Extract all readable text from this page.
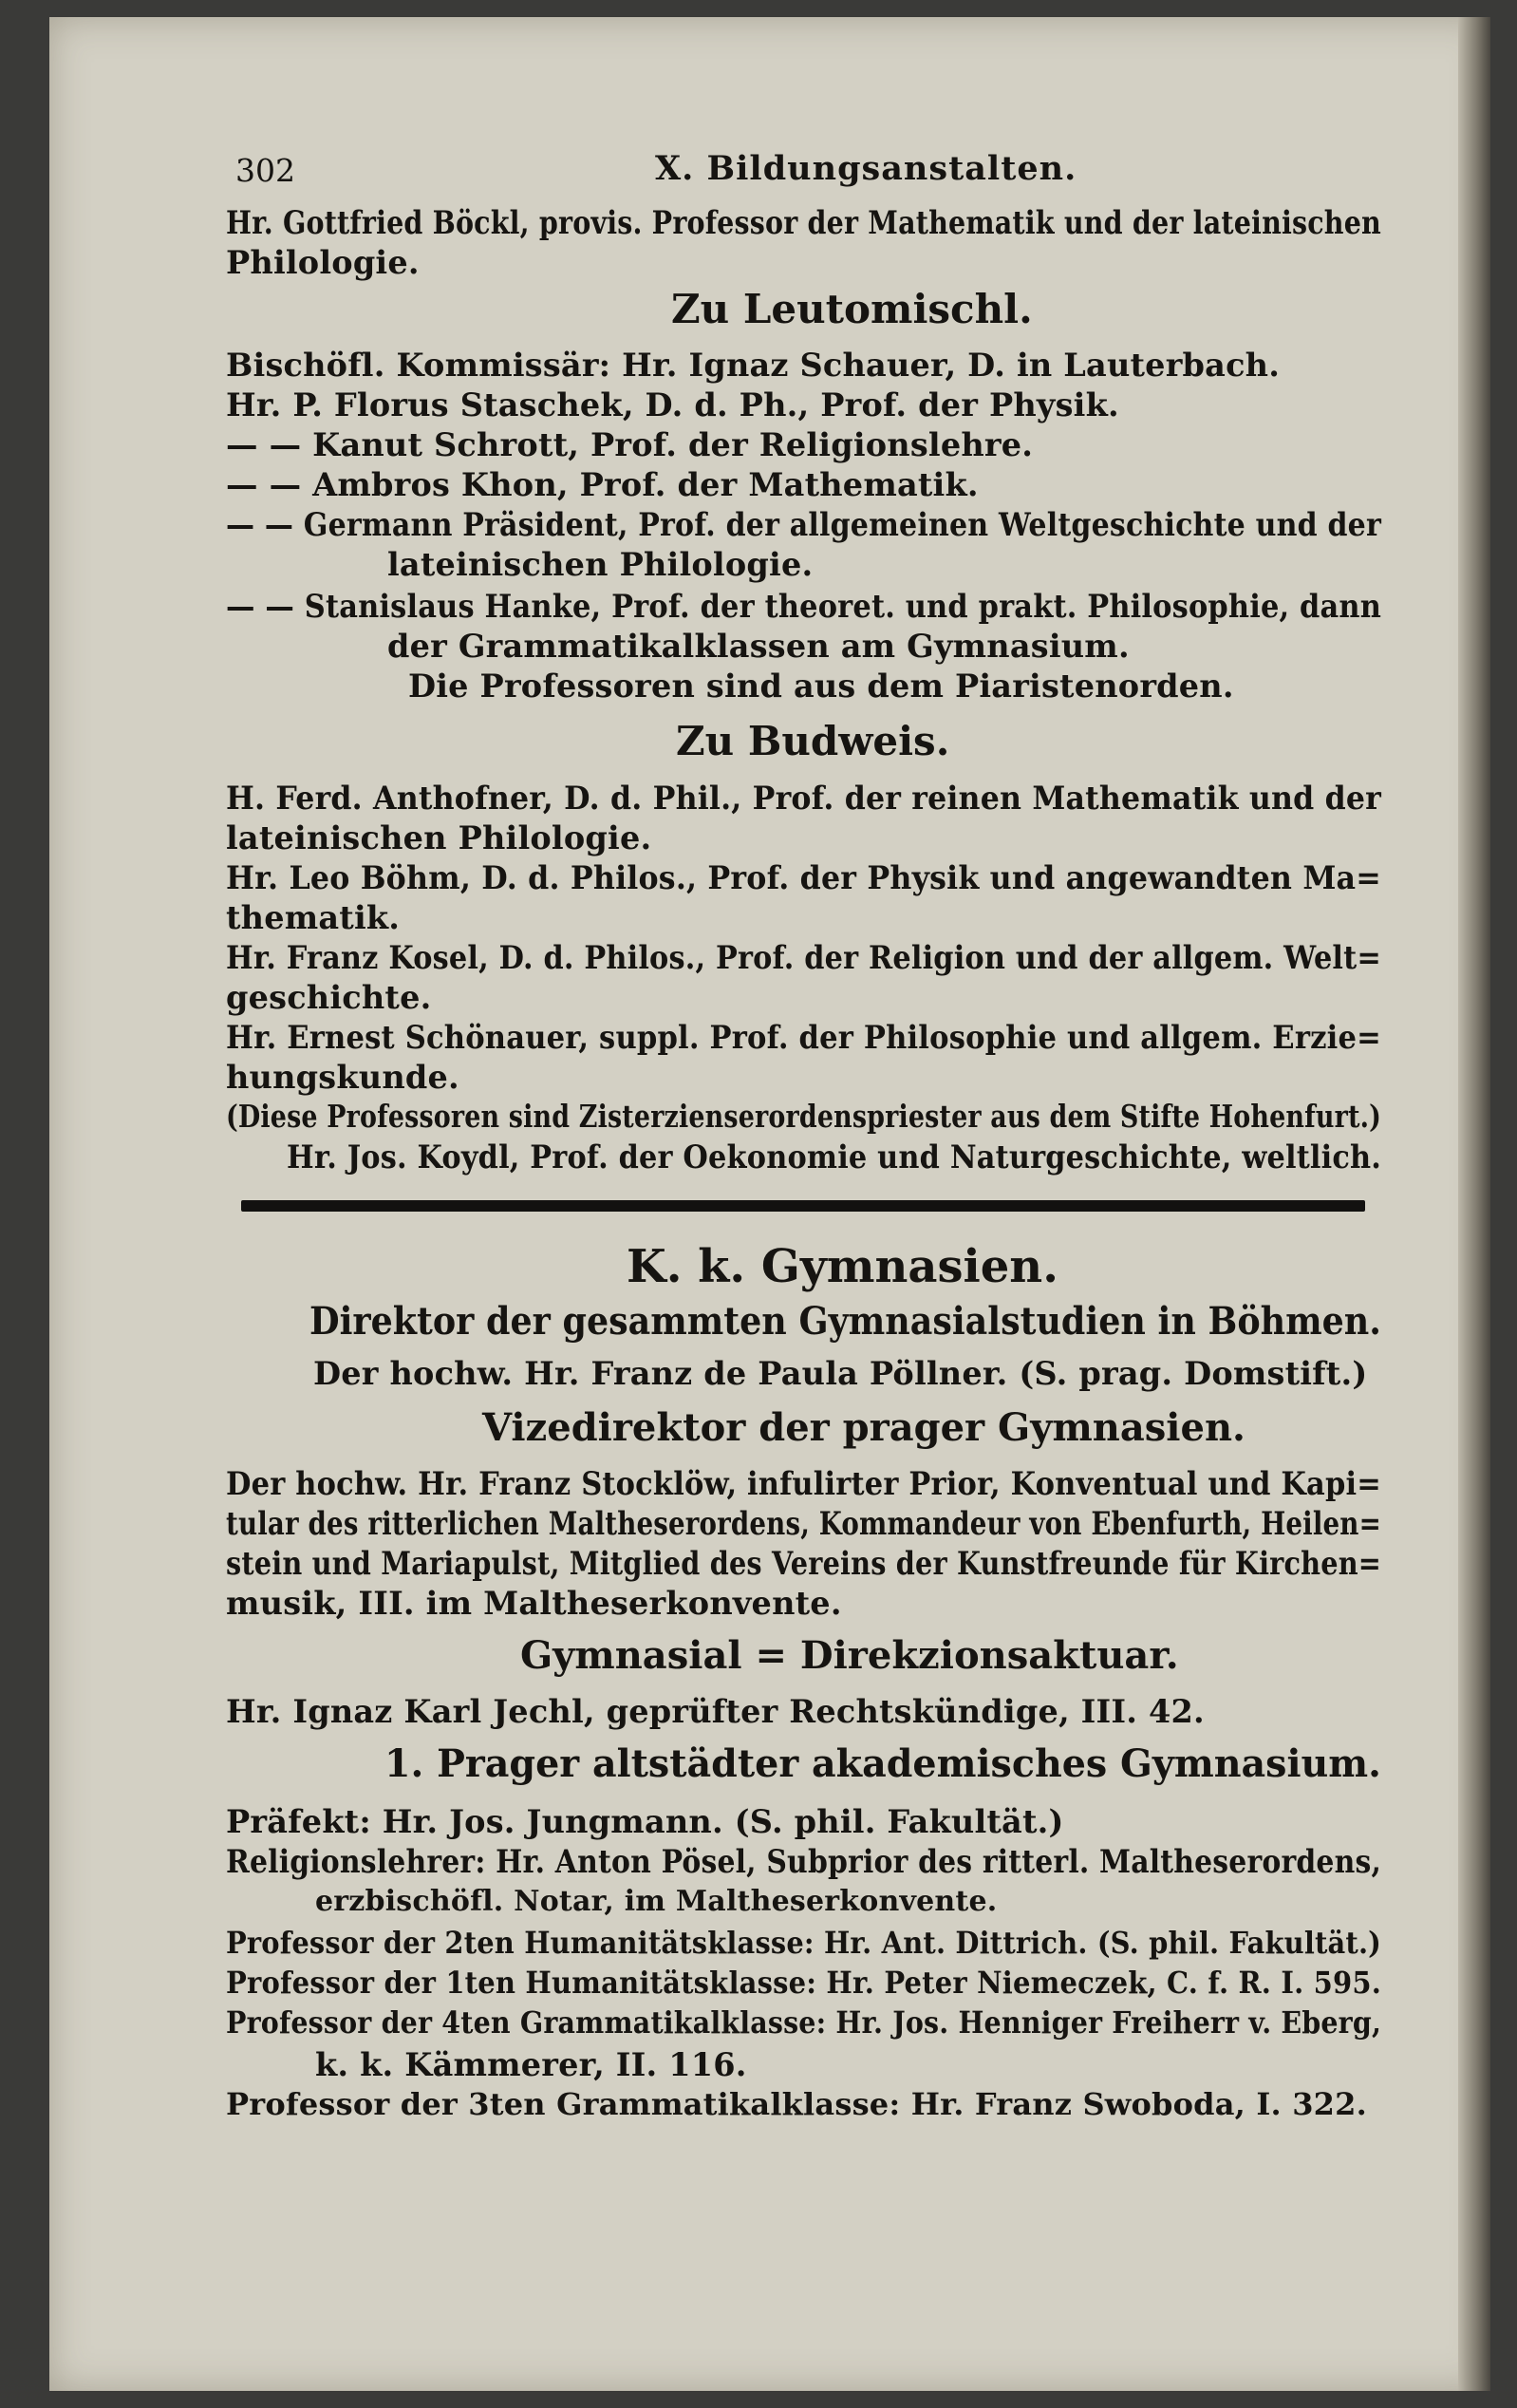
302	X. Bildungsanstalten.
Hr. Gottfried Böckl, provis. Professor der Mathematik und der lateinischen
Philologie.
Zu Leutomischl.
Bischöfl. Kommissär: Hr. Ignaz Schauer, D. in Lauterbach.
Hr. P. Florus Staschek, D. d. Ph., Prof. der Physik.
— — Kanut Schrott, Prof. der Religionslehre.
— — Ambros Khon, Prof. der Mathematik.
— — Germann Präsident, Prof. der allgemeinen Weltgeschichte und der
lateinischen Philologie.
— — Stanislaus Hanke, Prof. der theoret. und prakt. Philosophie, dann
der Grammatikalklassen am Gymnasium.
Die Professoren sind aus dem Piaristenorden.
Zu Budweis.
H. Ferd. Anthofner, D. d. Phil., Prof. der reinen Mathematik und der
lateinischen Philologie.
Hr. Leo Böhm, D. d. Philos., Prof. der Physik und angewandten Ma=
thematik.
Hr. Franz Kosel, D. d. Philos., Prof. der Religion und der allgem. Welt=
geschichte.
Hr. Ernest Schönauer, suppl. Prof. der Philosophie und allgem. Erzie=
hungskunde.
(Diese Professoren sind Zisterzienserordenspriester aus dem Stifte Hohenfurt.)
Hr. Jos. Koydl, Prof. der Oekonomie und Naturgeschichte, weltlich.
K. k. Gymnasien.
Direktor der gesammten Gymnasialstudien in Böhmen.
Der hochw. Hr. Franz de Paula Pöllner. (S. prag. Domstift.)
Vizedirektor der prager Gymnasien.
Der hochw. Hr. Franz Stocklöw, infulirter Prior, Konventual und Kapi=
tular des ritterlichen Maltheserordens, Kommandeur von Ebenfurth, Heilen=
stein und Mariapulst, Mitglied des Vereins der Kunstfreunde für Kirchen=
musik, III. im Maltheserkonvente.
Gymnasial = Direkzionsaktuar.
Hr. Ignaz Karl Jechl, geprüfter Rechtskündige, III. 42.
1. Prager altstädter akademisches Gymnasium.
Präfekt: Hr. Jos. Jungmann. (S. phil. Fakultät.)
Religionslehrer: Hr. Anton Pösel, Subprior des ritterl. Maltheserordens,
erzbischöfl. Notar, im Maltheserkonvente.
Professor der 2ten Humanitätsklasse: Hr. Ant. Dittrich. (S. phil. Fakultät.)
Professor der 1ten Humanitätsklasse: Hr. Peter Niemeczek, C. f. R. I. 595.
Professor der 4ten Grammatikalklasse: Hr. Jos. Henniger Freiherr v. Eberg,
k. k. Kämmerer, II. 116.
Professor der 3ten Grammatikalklasse: Hr. Franz Swoboda, I. 322.
